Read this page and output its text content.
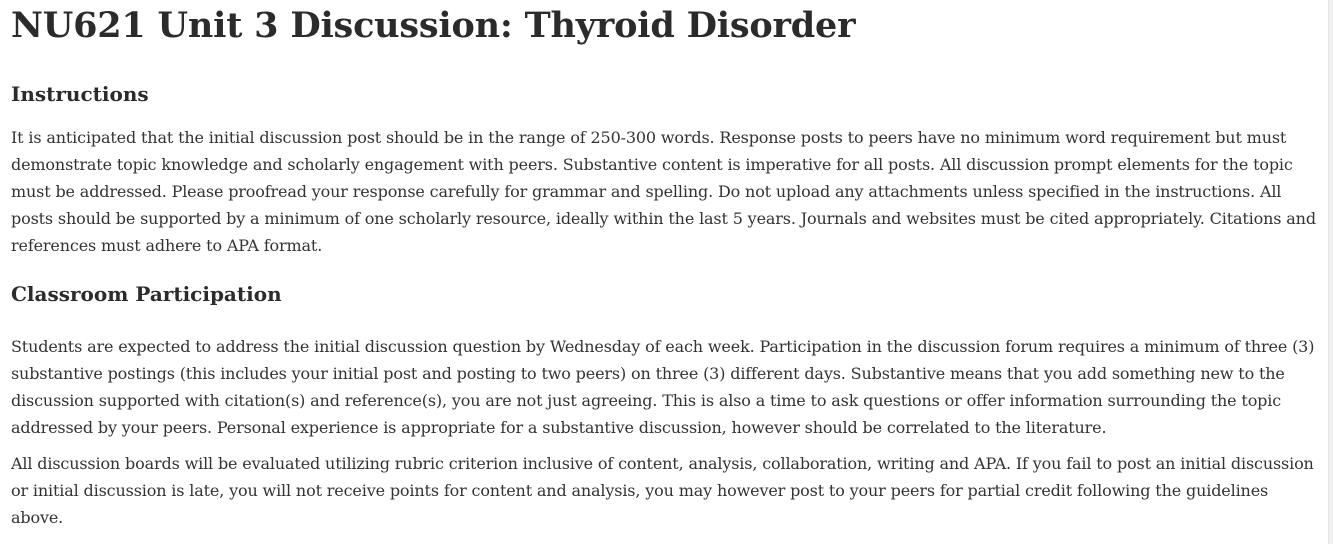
NU621 Unit 3 Discussion: Thyroid Disorder
Instructions

It is anticipated that the initial discussion post should be in the range of 250-300 words. Response posts to peers have no minimum word requirement but must demonstrate topic knowledge and scholarly engagement with peers. Substantive content is imperative for all posts. All discussion prompt elements for the topic must be addressed. Please proofread your response carefully for grammar and spelling. Do not upload any attachments unless specified in the instructions. All posts should be supported by a minimum of one scholarly resource, ideally within the last 5 years. Journals and websites must be cited appropriately. Citations and references must adhere to APA format.

Classroom Participation

Students are expected to address the initial discussion question by Wednesday of each week. Participation in the discussion forum requires a minimum of three (3) substantive postings (this includes your initial post and posting to two peers) on three (3) different days. Substantive means that you add something new to the discussion supported with citation(s) and reference(s), you are not just agreeing. This is also a time to ask questions or offer information surrounding the topic addressed by your peers. Personal experience is appropriate for a substantive discussion, however should be correlated to the literature.

All discussion boards will be evaluated utilizing rubric criterion inclusive of content, analysis, collaboration, writing and APA. If you fail to post an initial discussion or initial discussion is late, you will not receive points for content and analysis, you may however post to your peers for partial credit following the guidelines above.
